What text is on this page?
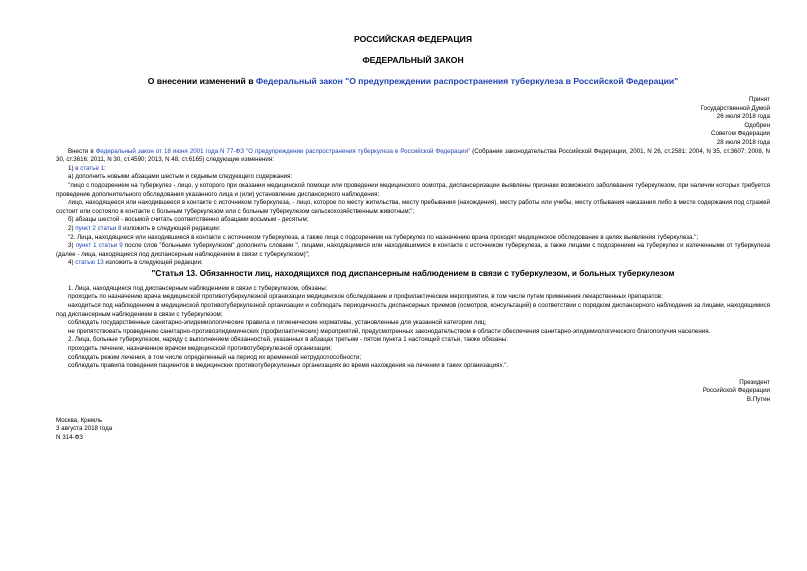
РОССИЙСКАЯ ФЕДЕРАЦИЯ

ФЕДЕРАЛЬНЫЙ ЗАКОН

О внесении изменений в Федеральный закон "О предупреждении распространения туберкулеза в Российской Федерации"

Принят
Государственной Думой
26 июля 2018 года
Одобрен
Советом Федерации
28 июля 2018 года

Внести в Федеральный закон от 18 июня 2001 года N 77-ФЗ "О предупреждении распространения туберкулеза в Российской Федерации" (Собрание законодательства Российской Федерации, 2001, N 26, ст.2581; 2004, N 35, ст.3607; 2008, N 30, ст.3616; 2011, N 30, ст.4590; 2013, N 48, ст.6165) следующие изменения:

1) в статье 1:

а) дополнить новыми абзацами шестым и седьмым следующего содержания:

"лицо с подозрением на туберкулез - лицо, у которого при оказании медицинской помощи или проведении медицинского осмотра, диспансеризации выявлены признаки возможного заболевания туберкулезом, при наличии которых требуется проведение дополнительного обследования указанного лица и (или) установление диспансерного наблюдения;

лицо, находящееся или находившееся в контакте с источником туберкулеза, - лицо, которое по месту жительства, месту пребывания (нахождения), месту работы или учебы, месту отбывания наказания либо в месте содержания под стражей состоит или состояло в контакте с больным туберкулезом или с больным туберкулезом сельскохозяйственным животным;";

б) абзацы шестой - восьмой считать соответственно абзацами восьмым - десятым;

2) пункт 2 статьи 8 изложить в следующей редакции:

"2. Лица, находящиеся или находившиеся в контакте с источником туберкулеза, а также лица с подозрением на туберкулез по назначению врача проходят медицинское обследование в целях выявления туберкулеза.";

3) пункт 1 статьи 9 после слов "больными туберкулезом" дополнить словами ", лицами, находящимися или находившимися в контакте с источником туберкулеза, а также лицами с подозрением на туберкулез и излеченными от туберкулеза (далее - лица, находящиеся под диспансерным наблюдением в связи с туберкулезом)";

4) статью 13 изложить в следующей редакции:

"Статья 13. Обязанности лиц, находящихся под диспансерным наблюдением в связи с туберкулезом, и больных туберкулезом

1. Лица, находящиеся под диспансерным наблюдением в связи с туберкулезом, обязаны:

проходить по назначению врача медицинской противотуберкулезной организации медицинское обследование и профилактические мероприятия, в том числе путем применения лекарственных препаратов;

находиться под наблюдением в медицинской противотуберкулезной организации и соблюдать периодичность диспансерных приемов (осмотров, консультаций) в соответствии с порядком диспансерного наблюдения за лицами, находящимися под диспансерным наблюдением в связи с туберкулезом;

соблюдать государственные санитарно-эпидемиологические правила и гигиенические нормативы, установленные для указанной категории лиц;

не препятствовать проведению санитарно-противоэпидемических (профилактических) мероприятий, предусмотренных законодательством в области обеспечения санитарно-эпидемиологического благополучия населения.

2. Лица, больные туберкулезом, наряду с выполнением обязанностей, указанных в абзацах третьем - пятом пункта 1 настоящей статьи, также обязаны:

проходить лечение, назначенное врачом медицинской противотуберкулезной организации;

соблюдать режим лечения, в том числе определенный на период их временной нетрудоспособности;

соблюдать правила поведения пациентов в медицинских противотуберкулезных организациях во время нахождения на лечении в таких организациях.".

Президент
Российской Федерации
В.Путин
Москва, Кремль
3 августа 2018 года
N 314-ФЗ
